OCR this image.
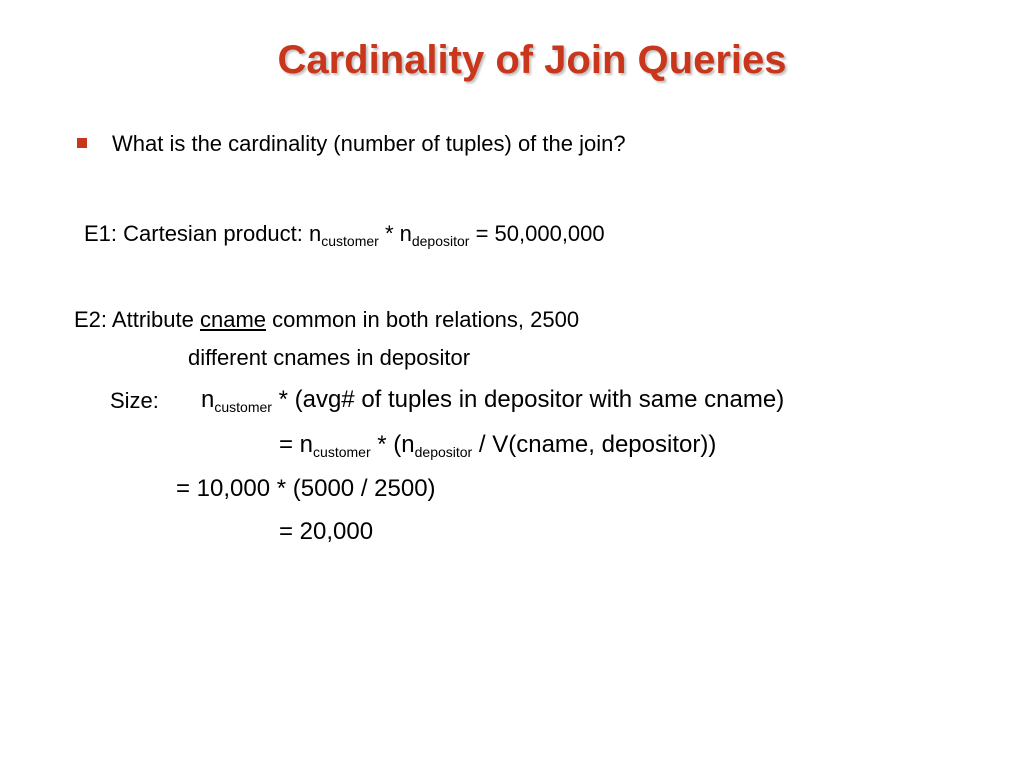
Cardinality of Join Queries
What is the cardinality (number of tuples) of the join?
E1: Cartesian product: $n_{customer} * n_{depositor} = 50,000,000$
E2: Attribute cname common in both relations, 2500
different cnames in depositor
Size: $n_{customer}$ * (avg# of tuples in depositor with same cname)
= $n_{customer} * (n_{depositor}$ / V(cname, depositor))
= 10,000 * (5000 / 2500)
= 20,000
